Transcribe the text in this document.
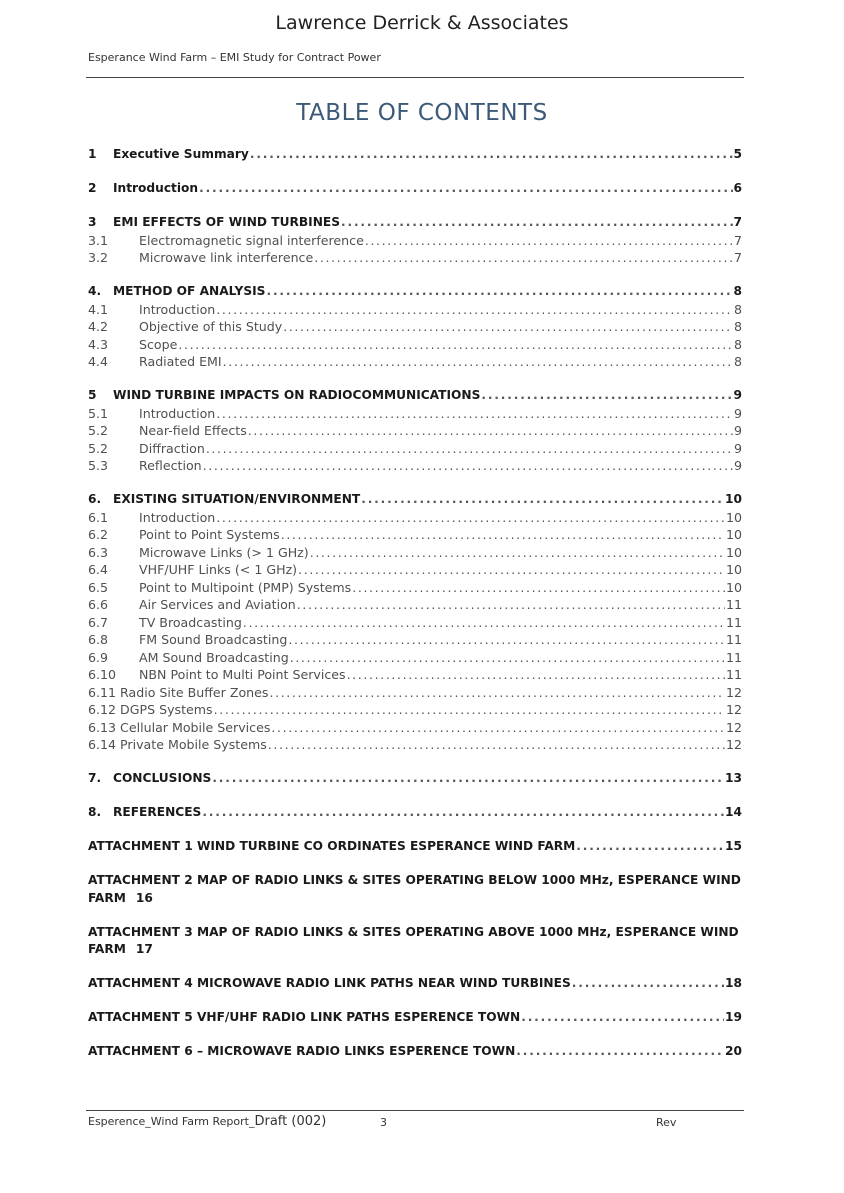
Lawrence Derrick & Associates
Esperance Wind Farm – EMI Study for Contract Power
TABLE OF CONTENTS
1	Executive Summary . . .	5
2	Introduction . . .	6
3	EMI EFFECTS OF WIND TURBINES . . .	7
3.1	Electromagnetic signal interference . . .	7
3.2	Microwave link interference . . .	7
4. METHOD OF ANALYSIS . . .	8
4.1	Introduction . . .	8
4.2	Objective of this Study . . .	8
4.3	Scope . . .	8
4.4	Radiated EMI . . .	8
5	WIND TURBINE IMPACTS ON RADIOCOMMUNICATIONS . . .	9
5.1	Introduction . . .	9
5.2	Near-field Effects . . .	9
5.2	Diffraction . . .	9
5.3	Reflection . . .	9
6. EXISTING SITUATION/ENVIRONMENT . . .	10
6.1	Introduction . . .	10
6.2	Point to Point Systems . . .	10
6.3	Microwave Links (> 1 GHz) . . .	10
6.4	VHF/UHF Links (< 1 GHz) . . .	10
6.5	Point to Multipoint (PMP) Systems . . .	10
6.6	Air Services and Aviation . . .	11
6.7	TV Broadcasting . . .	11
6.8	FM Sound Broadcasting . . .	11
6.9	AM Sound Broadcasting . . .	11
6.10	NBN Point to Multi Point Services . . .	11
6.11 Radio Site Buffer Zones . . .	12
6.12 DGPS Systems . . .	12
6.13 Cellular Mobile Services . . .	12
6.14 Private Mobile Systems . . .	12
7. CONCLUSIONS . . .	13
8. REFERENCES . . .	14
ATTACHMENT 1 WIND TURBINE CO ORDINATES ESPERANCE WIND FARM . . .	15
ATTACHMENT 2 MAP OF RADIO LINKS & SITES OPERATING BELOW 1000 MHz, ESPERANCE WIND FARM 16
ATTACHMENT 3 MAP OF RADIO LINKS & SITES OPERATING ABOVE 1000 MHz, ESPERANCE WIND FARM 17
ATTACHMENT 4 MICROWAVE RADIO LINK PATHS NEAR WIND TURBINES . . .	18
ATTACHMENT 5 VHF/UHF RADIO LINK PATHS ESPERENCE TOWN . . .	19
ATTACHMENT 6 – MICROWAVE RADIO LINKS ESPERENCE TOWN . . .	20
Esperence_Wind Farm Report_Draft (002)	3	Rev
